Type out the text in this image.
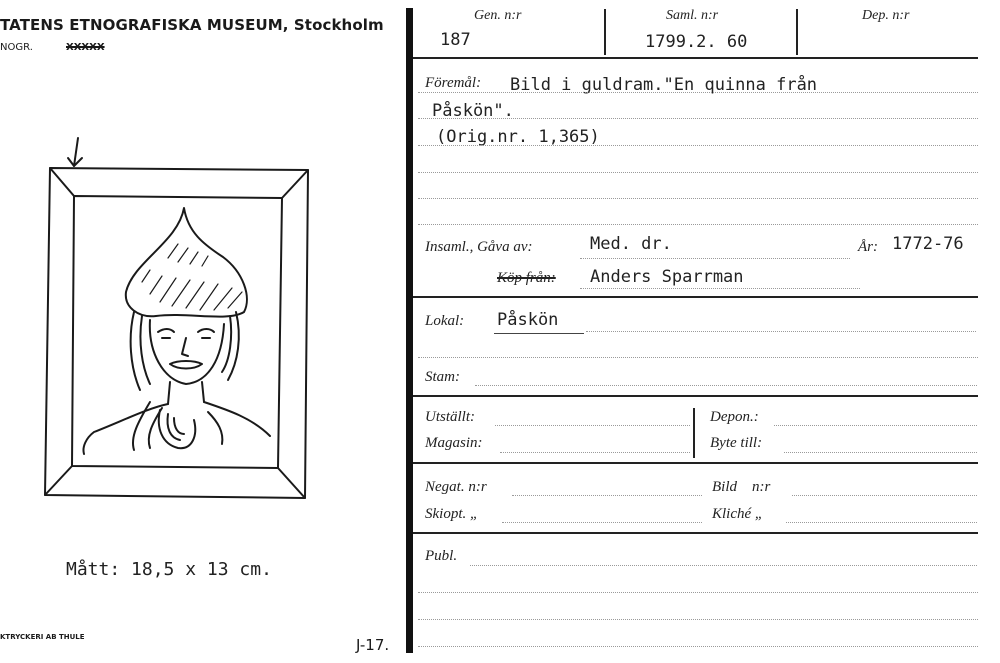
TATENS ETNOGRAFISKA MUSEUM, Stockholm
NOGR.	XXXXX
Mått: 18,5 x 13 cm.
KTRYCKERI AB THULE	J-17.
Gen. n:r
187
Saml. n:r
1799.2. 60
Dep. n:r
Föremål: Bild i guldram."En quinna från
Påskön".
(Orig.nr. 1,365)
Insaml., Gåva av:	Med. dr.	År: 1772-76
Köp från: Anders Sparrman
Lokal: Påskön
Stam:
Utställt:
Magasin:
Depon.:
Byte till:
Negat. n:r
Skiopt. „
Bild    n:r
Kliché „
Publ.
